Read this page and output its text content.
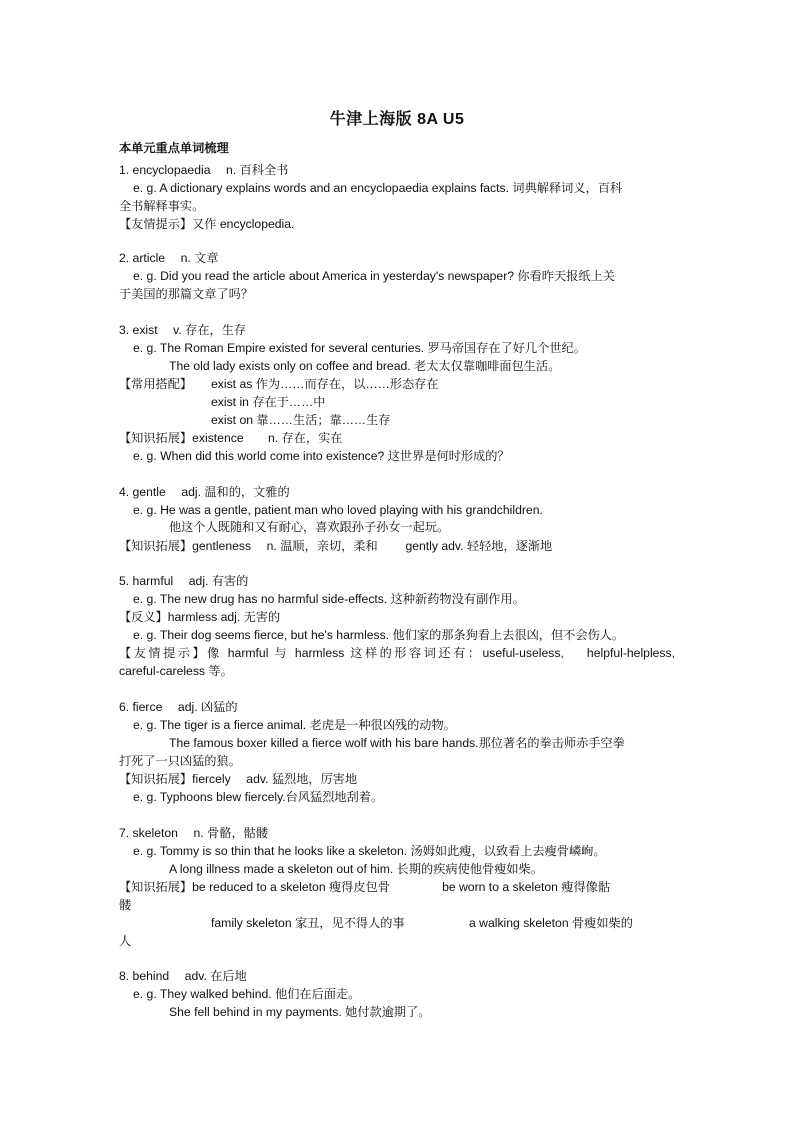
牛津上海版 8A U5
本单元重点单词梳理
1. encyclopaedia　 n. 百科全书
e. g. A dictionary explains words and an encyclopaedia explains facts. 词典解释词义，百科
全书解释事实。
【友情提示】又作 encyclopedia.
2. article　 n. 文章
e. g. Did you read the article about America in yesterday's newspaper? 你看昨天报纸上关
于美国的那篇文章了吗？
3. exist　 v. 存在，生存
e. g. The Roman Empire existed for several centuries. 罗马帝国存在了好几个世纪。
The old lady exists only on coffee and bread. 老太太仅靠咖啡面包生活。
【常用搭配】 exist as 作为……而存在，以……形态存在
exist in 存在于……中
exist on 靠……生活；靠……生存
【知识拓展】existence　　n. 存在，实在
e. g. When did this world come into existence? 这世界是何时形成的？
4. gentle　 adj. 温和的，文雅的
e. g. He was a gentle, patient man who loved playing with his grandchildren.
他这个人既随和又有耐心，喜欢跟孙子孙女一起玩。
【知识拓展】gentleness　 n. 温顺，亲切，柔和　　 gently adv. 轻轻地，逐渐地
5. harmful　 adj. 有害的
e. g. The new drug has no harmful side-effects. 这种新药物没有副作用。
【反义】harmless adj. 无害的
e. g. Their dog seems fierce, but he's harmless. 他们家的那条狗看上去很凶，但不会伤人。
【友情提示】像 harmful 与 harmless 这样的形容词还有：useful-useless,　 helpful-helpless,
careful-careless 等。
6. fierce　 adj. 凶猛的
e. g. The tiger is a fierce animal. 老虎是一种很凶残的动物。
The famous boxer killed a fierce wolf with his bare hands.那位著名的拳击师赤手空拳
打死了一只凶猛的狼。
【知识拓展】fiercely　 adv. 猛烈地，厉害地
e. g. Typhoons blew fiercely.台风猛烈地刮着。
7. skeleton　 n. 骨骼，骷髅
e. g. Tommy is so thin that he looks like a skeleton. 汤姆如此瘦，以致看上去瘦骨嶙峋。
A long illness made a skeleton out of him. 长期的疾病使他骨瘦如柴。
【知识拓展】be reduced to a skeleton 瘦得皮包骨　　　　 be worn to a skeleton 瘦得像骷
髅
family skeleton 家丑，见不得人的事　　　　　 a walking skeleton 骨瘦如柴的
人
8. behind　 adv. 在后地
e. g. They walked behind. 他们在后面走。
She fell behind in my payments. 她付款逾期了。
